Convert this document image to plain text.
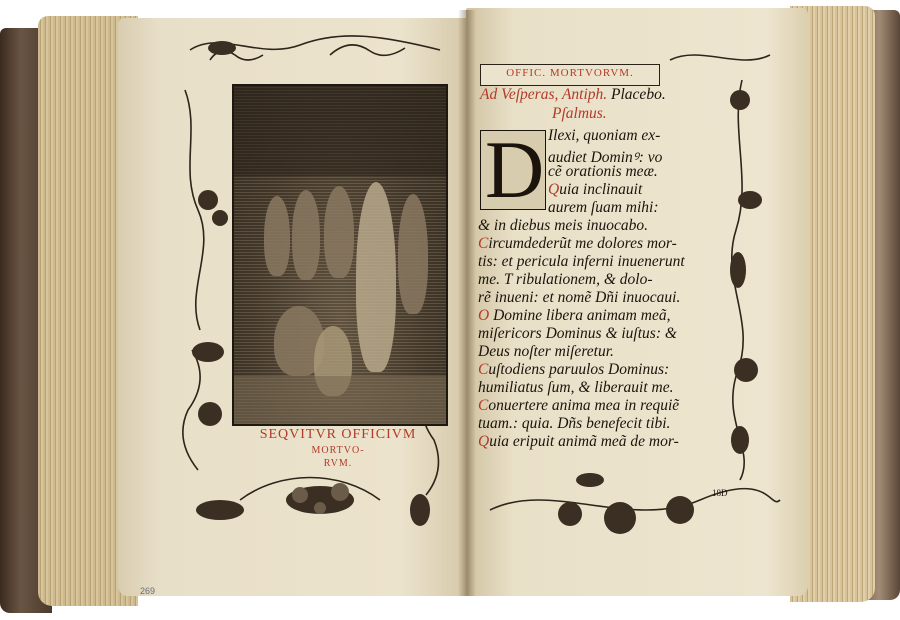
SEQVITVR OFFICIVM
MORTVO-
RVM.
269
OFFIC. MORTVORVM.
Ad Veſperas, Antiph. Placebo.
Pſalmus.
D Ilexi, quoniam ex-
audiet Dominꝰ: vo
cẽ orationis meæ.
Quia inclinauit
aurem ſuam mihi:
& in diebus meis inuocabo.
Circumdederũt me dolores mor-
tis: et pericula inferni inuenerunt
me. T ribulationem, & dolo-
rẽ inueni: et nomẽ Dñi inuocaui.
O Domine libera animam meã,
miſericors Dominus & iuſtus: &
Deus noſter miſeretur.
Cuſtodiens paruulos Dominus:
humiliatus ſum, & liberauit me.
Conuertere anima mea in requiẽ
tuam.: quia. Dñs benefecit tibi.
Quia eripuit animã meã de mor-
18D
